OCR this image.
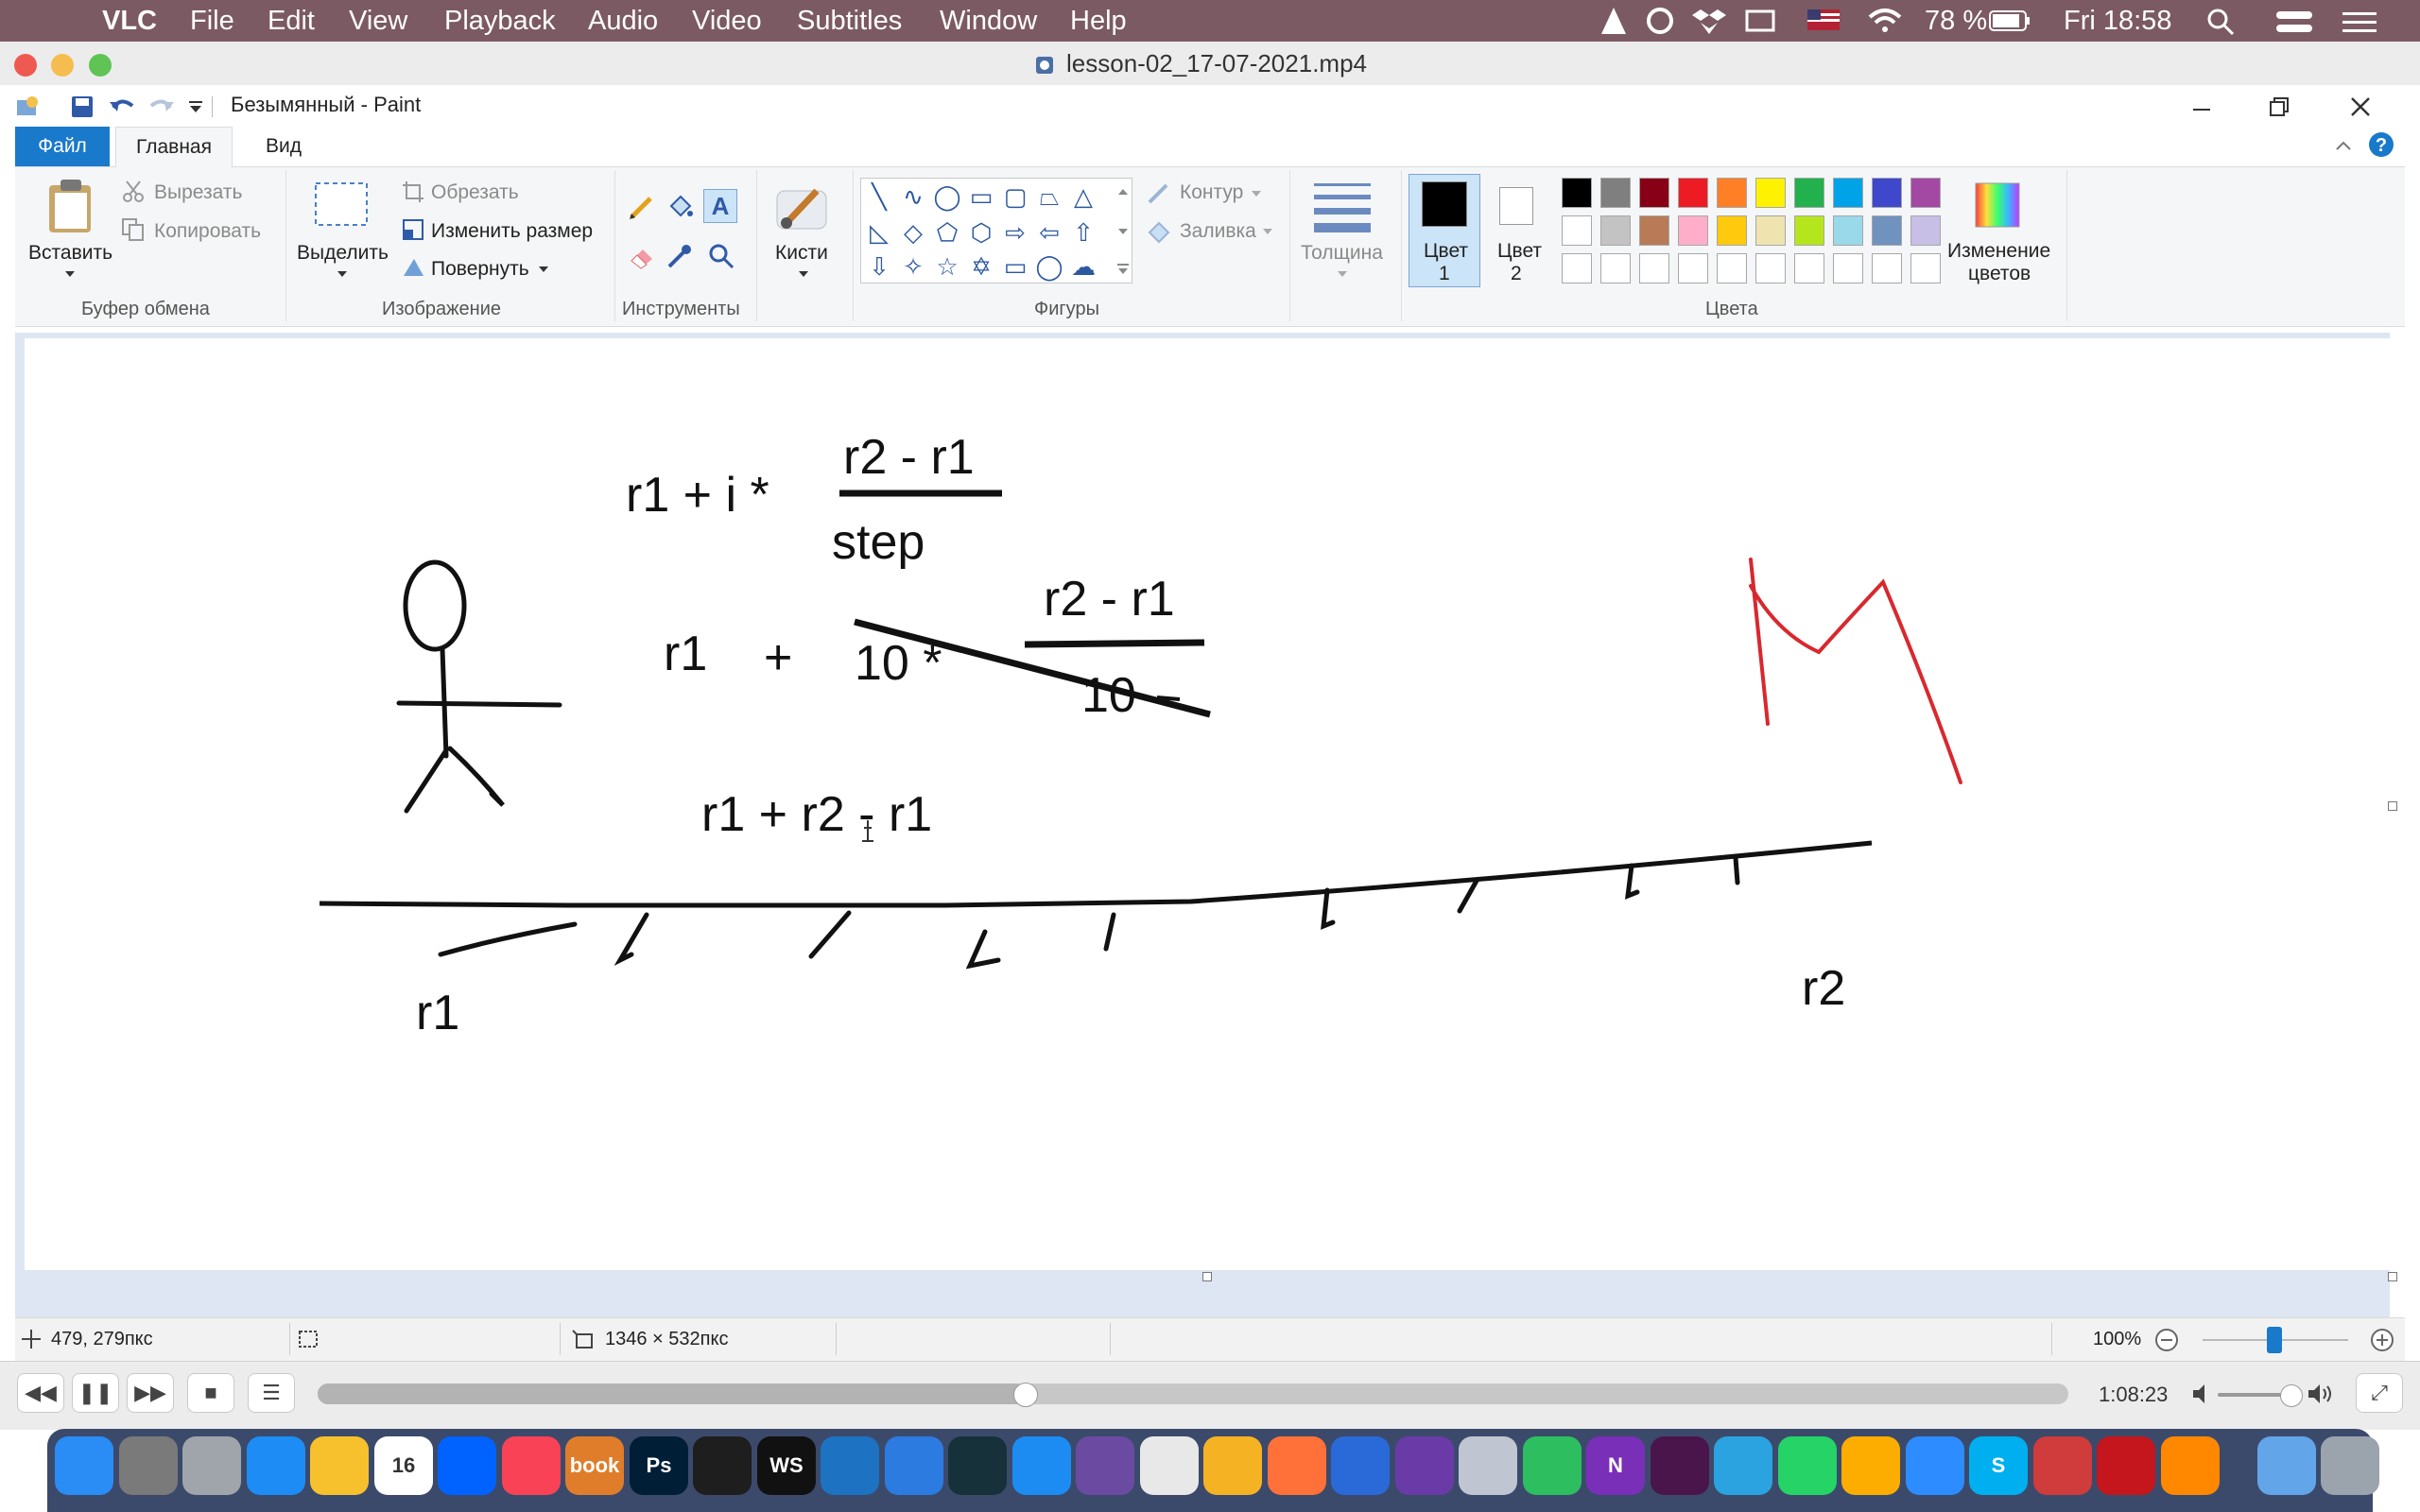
VLC File Edit View Playback Audio Video Subtitles Window Help	78 %	Fri 18:58
lesson-02_17-07-2021.mp4
Безымянный - Paint
Файл	Главная	Вид	?
Вставить
Вырезать
Копировать
Буфер обмена
Выделить
Обрезать
Изменить размер
Повернуть
Изображение
A
Инструменты
Кисти
╲ ∿ ◯ ▭ ▢ ⏢ △
◺ ◇ ⬠ ⬡ ⇨ ⇦ ⇧
⇩ ✧ ☆ ✡ ▭ ◯ ☁
Контур
Заливка
Фигуры
Толщина Цвет
1
Цвет
2
Изменение
цветов
Цвета
r1 + i *
r2 - r1
step
r1 +
r2 - r1
10 *
10
r1 + r2 - r1
r1	r2
479, 279пкс	1346 × 532пкс	100%
◀◀	❚❚	▶▶	■	☰	1:08:23	⤢
16	book	Ps	WS	N	S
